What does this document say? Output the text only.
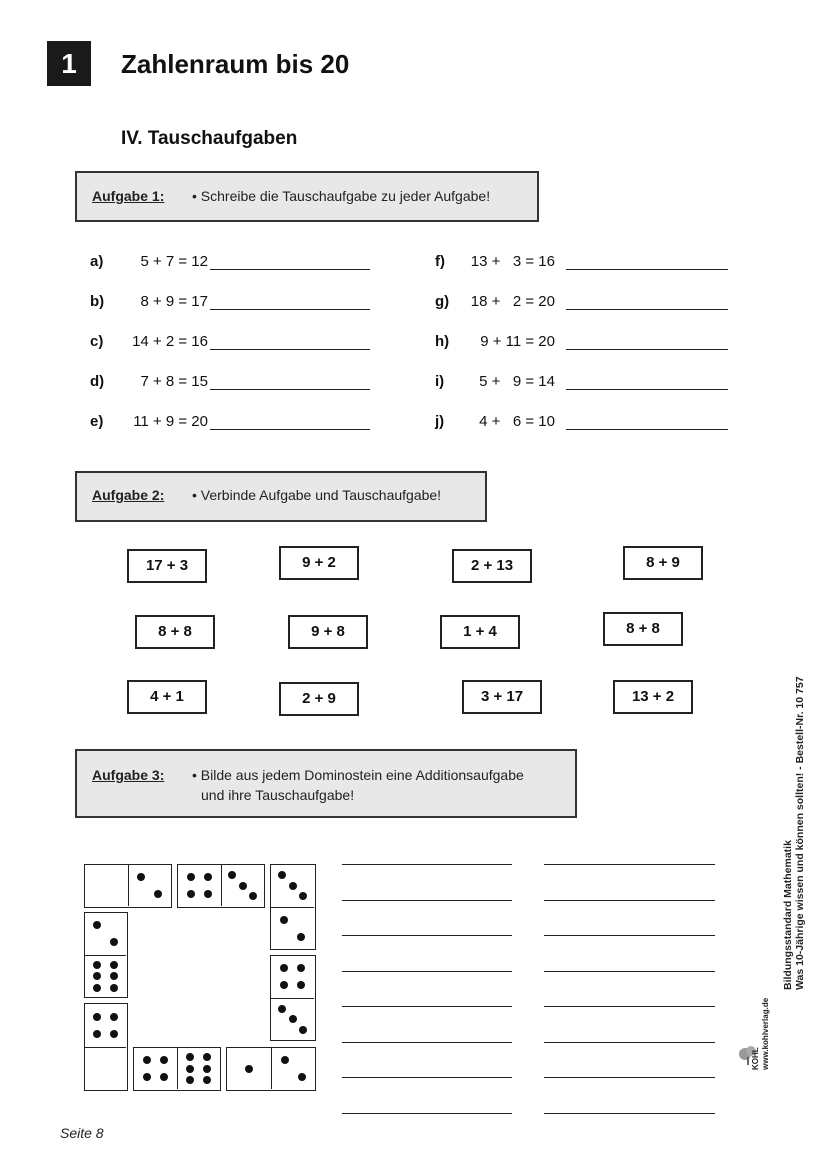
1	Zahlenraum bis 20
IV. Tauschaufgaben
Aufgabe 1: • Schreibe die Tauschaufgabe zu jeder Aufgabe!
a) 5 + 7 = 12
b) 8 + 9 = 17
c) 14 + 2 = 16
d) 7 + 8 = 15
e) 11 + 9 = 20
f) 13 +   3 = 16
g) 18 +   2 = 20
h) 9 + 11 = 20
i) 5 +   9 = 14
j) 4 +   6 = 10
Aufgabe 2: • Verbinde Aufgabe und Tauschaufgabe!
17 + 3	9 + 2	2 + 13	8 + 9
8 + 8	9 + 8	1 + 4	8 + 8
4 + 1	2 + 9	3 + 17	13 + 2
Aufgabe 3: • Bilde aus jedem Dominostein eine Additionsaufgabe
und ihre Tauschaufgabe!
Bildungsstandard Mathematik Was 10-Jährige wissen und können sollten! - Bestell-Nr. 10 757
KOHL www.kohlverlag.de
Seite 8
